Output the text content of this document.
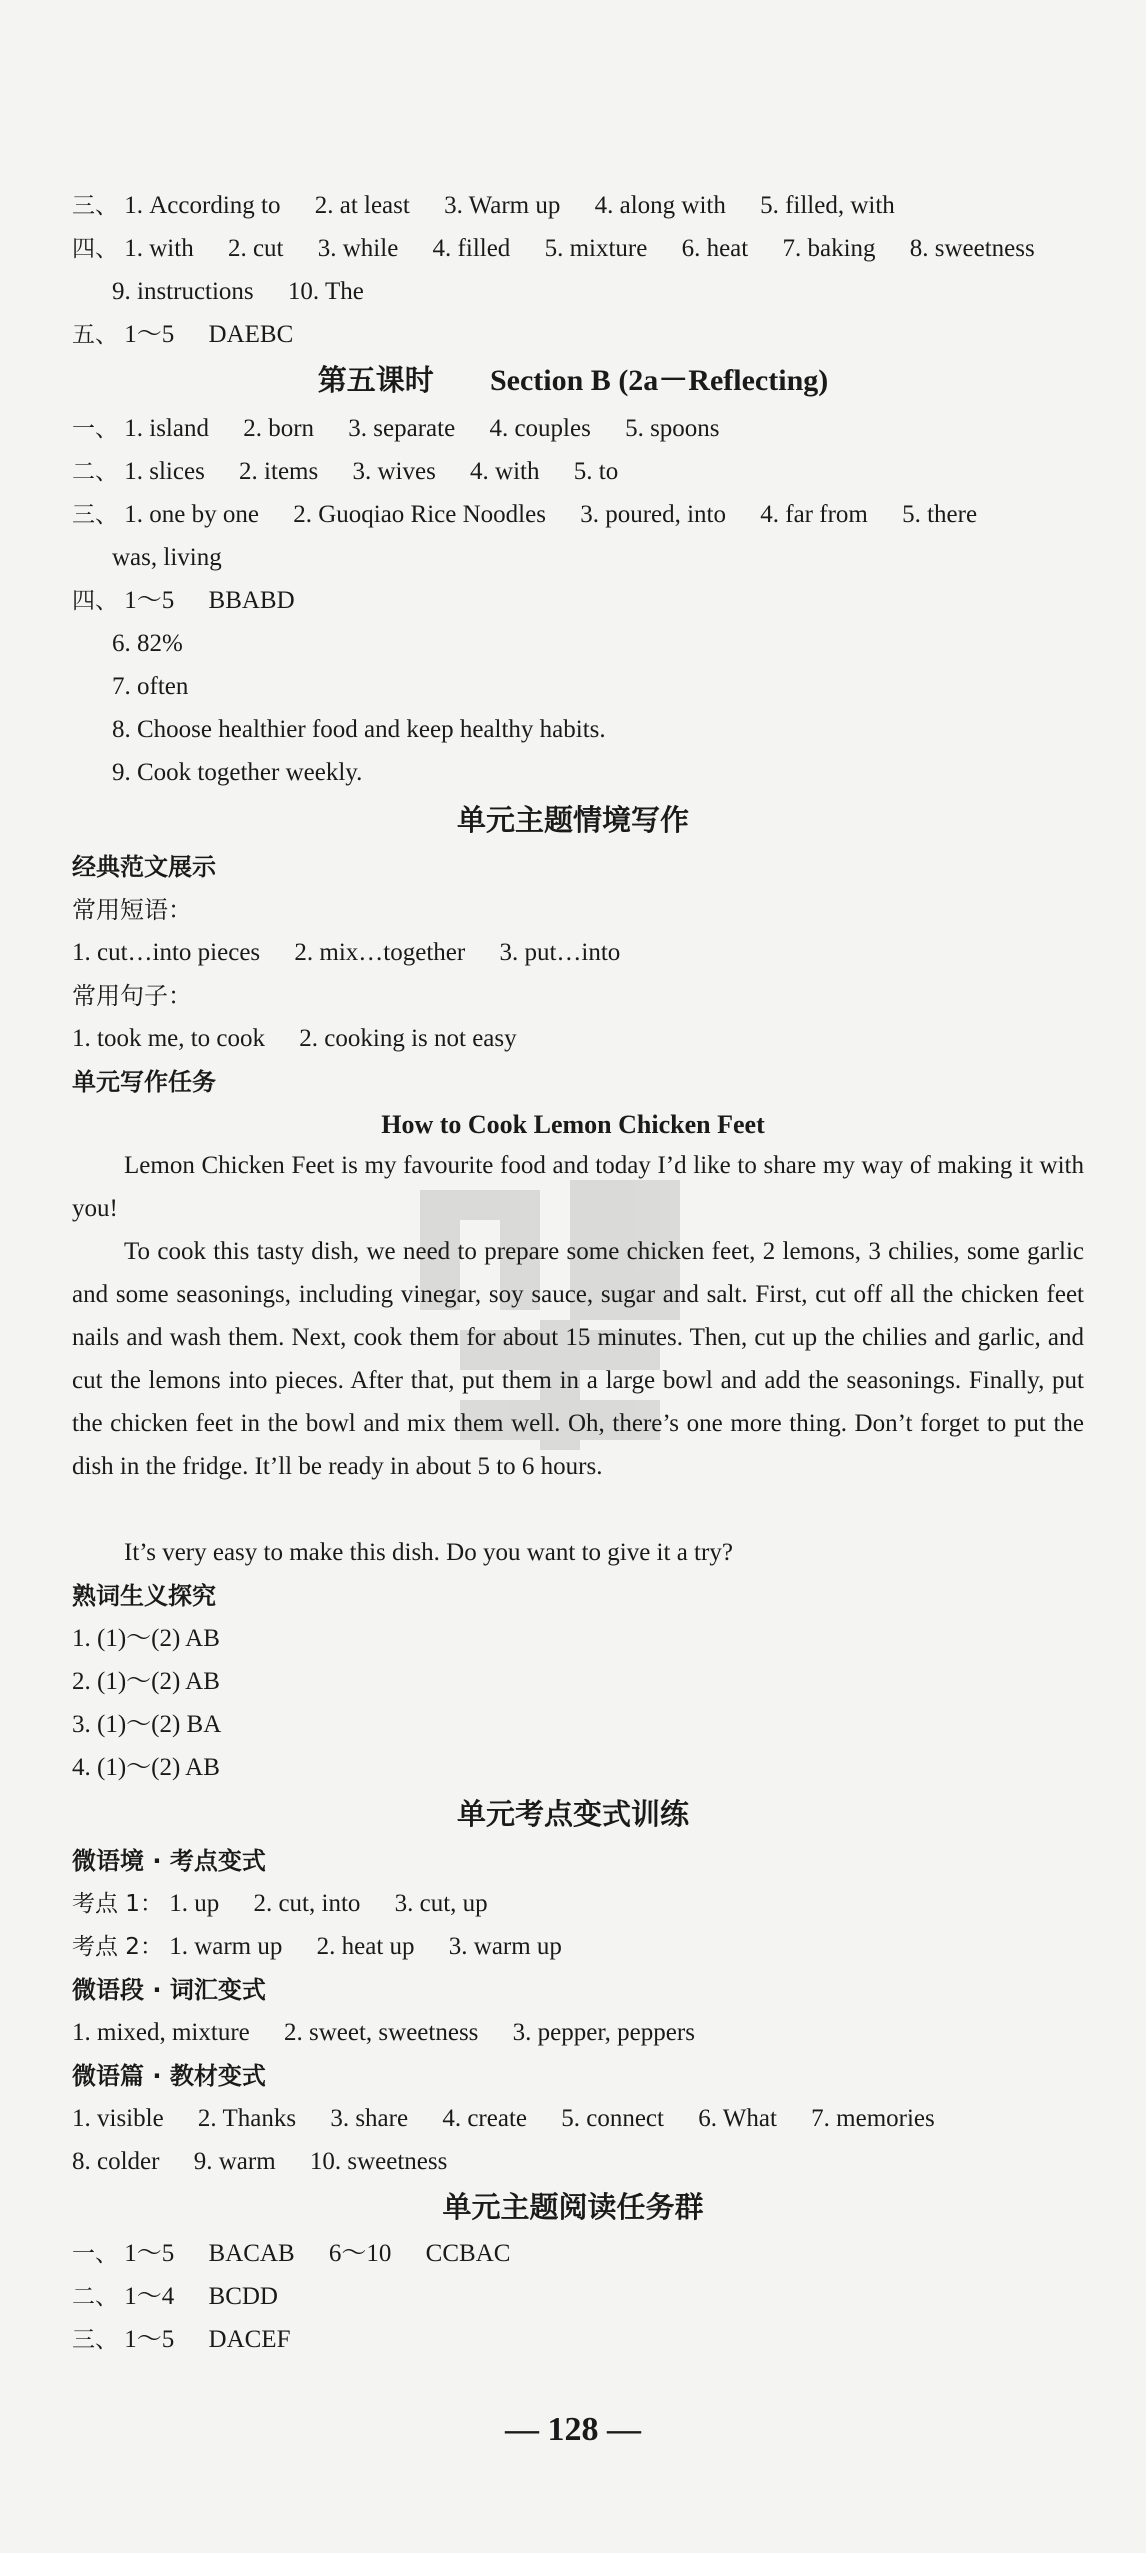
三、 1. According to 2. at least 3. Warm up 4. along with 5. filled, with
四、 1. with 2. cut 3. while 4. filled 5. mixture 6. heat 7. baking 8. sweetness
9. instructions 10. The
五、 1～5 DAEBC
第五课时 Section B (2a－Reflecting)
一、 1. island 2. born 3. separate 4. couples 5. spoons
二、 1. slices 2. items 3. wives 4. with 5. to
三、 1. one by one 2. Guoqiao Rice Noodles 3. poured, into 4. far from 5. there
was, living
四、 1～5 BBABD
6. 82%
7. often
8. Choose healthier food and keep healthy habits.
9. Cook together weekly.
单元主题情境写作
经典范文展示
常用短语：
1. cut…into pieces 2. mix…together 3. put…into
常用句子：
1. took me, to cook 2. cooking is not easy
单元写作任务
How to Cook Lemon Chicken Feet
Lemon Chicken Feet is my favourite food and today I’d like to share my way of making it with you!
To cook this tasty dish, we need to prepare some chicken feet, 2 lemons, 3 chilies, some garlic and some seasonings, including vinegar, soy sauce, sugar and salt. First, cut off all the chicken feet nails and wash them. Next, cook them for about 15 minutes. Then, cut up the chilies and garlic, and cut the lemons into pieces. After that, put them in a large bowl and add the seasonings. Finally, put the chicken feet in the bowl and mix them well. Oh, there’s one more thing. Don’t forget to put the dish in the fridge. It’ll be ready in about 5 to 6 hours.
It’s very easy to make this dish. Do you want to give it a try?
熟词生义探究
1. (1)～(2) AB
2. (1)～(2) AB
3. (1)～(2) BA
4. (1)～(2) AB
单元考点变式训练
微语境 · 考点变式
考点 1： 1. up 2. cut, into 3. cut, up
考点 2： 1. warm up 2. heat up 3. warm up
微语段 · 词汇变式
1. mixed, mixture 2. sweet, sweetness 3. pepper, peppers
微语篇 · 教材变式
1. visible 2. Thanks 3. share 4. create 5. connect 6. What 7. memories
8. colder 9. warm 10. sweetness
单元主题阅读任务群
一、 1～5 BACAB 6～10 CCBAC
二、 1～4 BCDD
三、 1～5 DACEF
— 128 —
